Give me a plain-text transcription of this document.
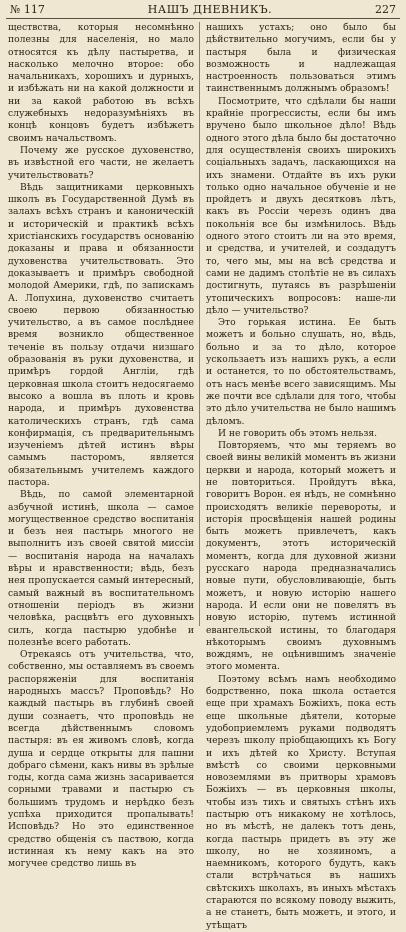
№ 117	НАШЪ ДНЕВНИКЪ.	227

ществства, которыя несомнѣнно полезны для населенія, но мало относятся къ дѣлу пастыретва, и насколько мелочно второе: обо начальникахъ, хорошихъ и дурныхъ, и избѣжать ни на какой должности и ни за какой работою въ всѣхъ служебныхъ недоразумѣніяхъ въ концѣ концовъ будетъ избѣжетъ своимъ начальствомъ.

Почему же русское духовенство, въ извѣстной его части, не желаетъ учительствовать?

Вѣдь защитниками церковныхъ школъ въ Государственной Думѣ въ залахъ всѣхъ странъ и каноническій и историческій и практикѣ всѣхъ христіанскихъ государствъ основанію доказаны и права и обязанности духовенства учительствовать. Это доказываетъ и примѣръ свободной молодой Америки, гдѣ, по запискамъ А. Лопухина, духовенство считаетъ своею первою обязанностью учительство, а въ самое послѣднее время возникло общественное теченіе въ пользу отдачи низшаго образованія въ руки духовенства, и примѣръ гордой Англіи, гдѣ церковная школа стоитъ недосягаемо высоко а вошла въ плоть и кровь народа, и примѣръ духовенства католическихъ странъ, гдѣ сама конфирмація, съ предварительнымъ изученіемъ дѣтей истинъ вѣры самымъ пасторомъ, является обязательнымъ учителемъ каждого пастора.

Вѣдь, по самой элементарной азбучной истинѣ, школа — самое могущественное средство воспитанія и безъ нея пастырь многого не выполнитъ изъ своей святой миссіи — воспитанія народа на началахъ вѣры и нравственности; вѣдь, безъ нея пропускается самый интересный, самый важный въ воспитательномъ отношеніи періодъ въ жизни человѣка, расцвѣтъ его духовныхъ силъ, когда пастырю удобнѣе и полезнѣе всего работать.

Отрекаясь отъ учительства, что, собственно, мы оставляемъ въ своемъ распоряженіи для воспитанія народныхъ массъ? Проповѣдь? Но каждый пастырь въ глубинѣ своей души сознаетъ, что проповѣдь не всегда дѣйственнымъ словомъ пастыря: въ ея живомъ словѣ, когда душа и сердце открыты для пашни добраго сѣмени, какъ нивы въ зрѣлые годы, когда сама жизнь засаривается сорными травами и пастырю съ большимъ трудомъ и нерѣдко безъ успѣха приходится пропалывать! Исповѣдь? Но это единственное средство общенія съ паствою, когда истинная къ нему какъ на это могучее средство лишь въ

нашихъ устахъ; оно было бы дѣйствительно могучимъ, если бы у пастыря была и физическая возможность и надлежащая настроенность пользоваться этимъ таинственнымъ должнымъ образомъ!

Посмотрите, что сдѣлали бы наши крайніе прогрессисты, если бы имъ вручено было школьное дѣло! Вѣдь одного этого дѣла было бы достаточно для осуществленія своихъ широкихъ соціальныхъ задачъ, ласкающихся на ихъ знамени. Отдайте въ ихъ руки только одно начальное обученіе и не пройдетъ и двухъ десятковъ лѣтъ, какъ въ Россіи черезъ одинъ два покольнія все бы измѣнилось. Вѣдь одного этого стоитъ ли на это время, и средства, и учителей, и создадутъ то, чего мы, мы на всѣ средства и сами не дадимъ столѣтіе не въ силахъ достигнуть, путаясь въ разрѣшеніи утопическихъ вопросовъ: наше-ли дѣло — учительство?

Это горькая истина. Ее быть можетъ и больно слушать, но, вѣдь, больно и за то дѣло, которое ускользаетъ изъ нашихъ рукъ, а если и останется, то по обстоятельствамъ, отъ насъ менѣе всего зависящимъ. Мы же почти все сдѣлали для того, чтобы это дѣло учительства не было нашимъ дѣломъ.

И не говорить объ этомъ нельзя.

Повторяемъ, что мы теряемъ во своей вины великій моментъ въ жизни церкви и народа, который можетъ и не повториться. Пройдутъ вѣка, говоритъ Ворон. ея нѣдъ, не сомнѣнно происходятъ великіе перевороты, и исторія просвѣщенія нашей родины быть можетъ привлечетъ, какъ документъ, этотъ историческій моментъ, когда для духовной жизни русскаго народа предназначались новые пути, обусловливающіе, быть можетъ, и новую исторію нашего народа. И если они не повелятъ въ новую исторію, путемъ истинной евангельской истины, то благодаря нѣкоторымъ своимъ духовнымъ вождямъ, не оцѣнившимъ значеніе этого момента.

Поэтому всѣмъ намъ необходимо бодрственно, пока школа остается еще при храмахъ Божіихъ, пока есть еще школьные дѣятели, которые удобоприемлемъ руками подводятъ черезъ школу пріобщающихъ къ Богу и ихъ дѣтей ко Христу. Вступая вмѣстѣ со своими церковными новоземлями въ притворы храмовъ Божіихъ — въ церковныя школы, чтобы изъ тихъ и святыхъ стѣнъ ихъ пастырю отъ никакому не хотѣлось, но въ мѣстѣ, не далекъ тотъ день, когда пастырь придетъ въ эту же школу, но не хозяиномъ, а наемникомъ, которого будутъ, какъ стали встрѣчаться въ нашихъ свѣтскихъ школахъ, въ иныхъ мѣстахъ стараются по всякому поводу выжить, а не станетъ, быть можетъ, и этого, и утѣщатъ
